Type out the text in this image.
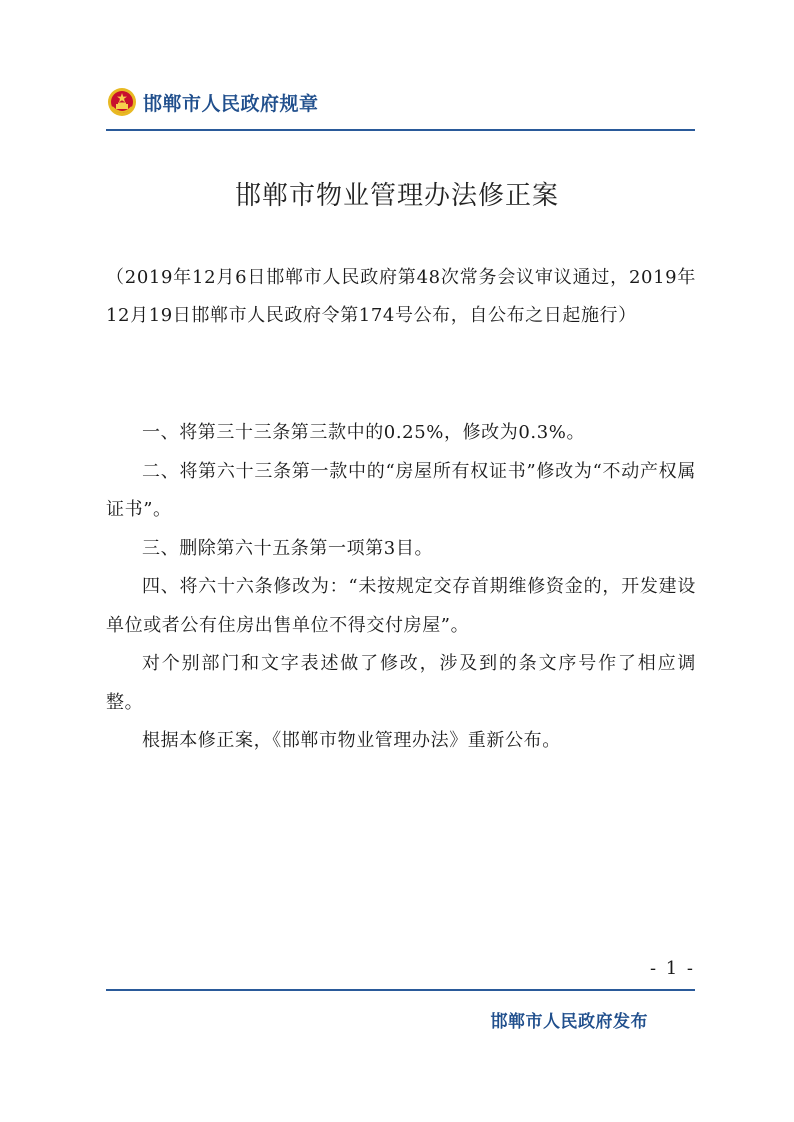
邯郸市人民政府规章
邯郸市物业管理办法修正案
（2019年12月6日邯郸市人民政府第48次常务会议审议通过，2019年12月19日邯郸市人民政府令第174号公布，自公布之日起施行）

一、将第三十三条第三款中的0.25%，修改为0.3%。

二、将第六十三条第一款中的“房屋所有权证书”修改为“不动产权属证书”。

三、删除第六十五条第一项第3目。

四、将六十六条修改为：“未按规定交存首期维修资金的，开发建设单位或者公有住房出售单位不得交付房屋”。

对个别部门和文字表述做了修改，涉及到的条文序号作了相应调整。

根据本修正案，《邯郸市物业管理办法》重新公布。

- 1 -
邯郸市人民政府发布
